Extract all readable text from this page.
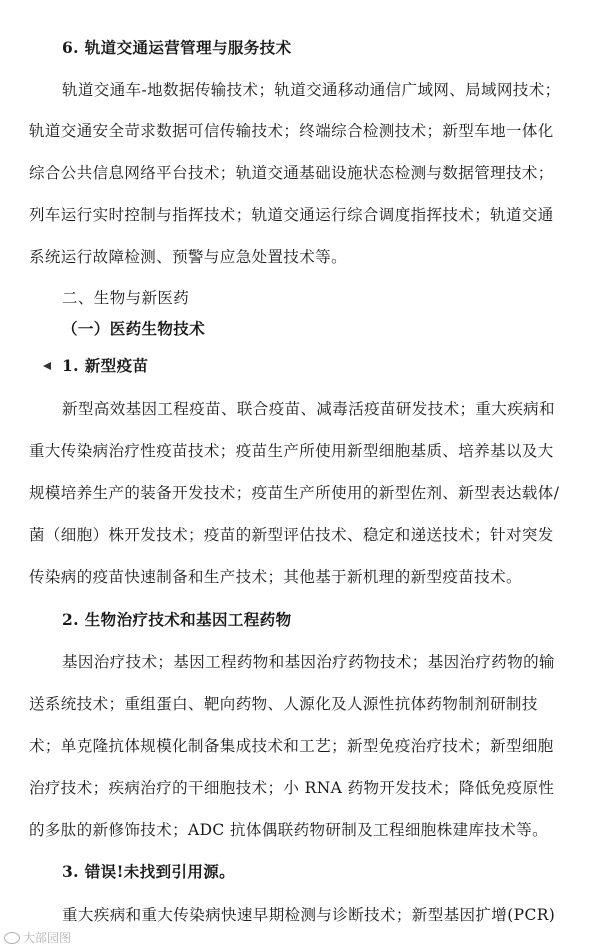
6. 轨道交通运营管理与服务技术
轨道交通车-地数据传输技术；轨道交通移动通信广域网、局域网技术；
轨道交通安全苛求数据可信传输技术；终端综合检测技术；新型车地一体化
综合公共信息网络平台技术；轨道交通基础设施状态检测与数据管理技术；
列车运行实时控制与指挥技术；轨道交通运行综合调度指挥技术；轨道交通
系统运行故障检测、预警与应急处置技术等。
二、生物与新医药
（一）医药生物技术
1. 新型疫苗
新型高效基因工程疫苗、联合疫苗、减毒活疫苗研发技术；重大疾病和
重大传染病治疗性疫苗技术；疫苗生产所使用新型细胞基质、培养基以及大
规模培养生产的装备开发技术；疫苗生产所使用的新型佐剂、新型表达载体/
菌（细胞）株开发技术；疫苗的新型评估技术、稳定和递送技术；针对突发
传染病的疫苗快速制备和生产技术；其他基于新机理的新型疫苗技术。
2. 生物治疗技术和基因工程药物
基因治疗技术；基因工程药物和基因治疗药物技术；基因治疗药物的输
送系统技术；重组蛋白、靶向药物、人源化及人源性抗体药物制剂研制技
术；单克隆抗体规模化制备集成技术和工艺；新型免疫治疗技术；新型细胞
治疗技术；疾病治疗的干细胞技术；小 RNA 药物开发技术；降低免疫原性
的多肽的新修饰技术；ADC 抗体偶联药物研制及工程细胞株建库技术等。
3. 错误!未找到引用源。
重大疾病和重大传染病快速早期检测与诊断技术；新型基因扩增(PCR)
大部园图
